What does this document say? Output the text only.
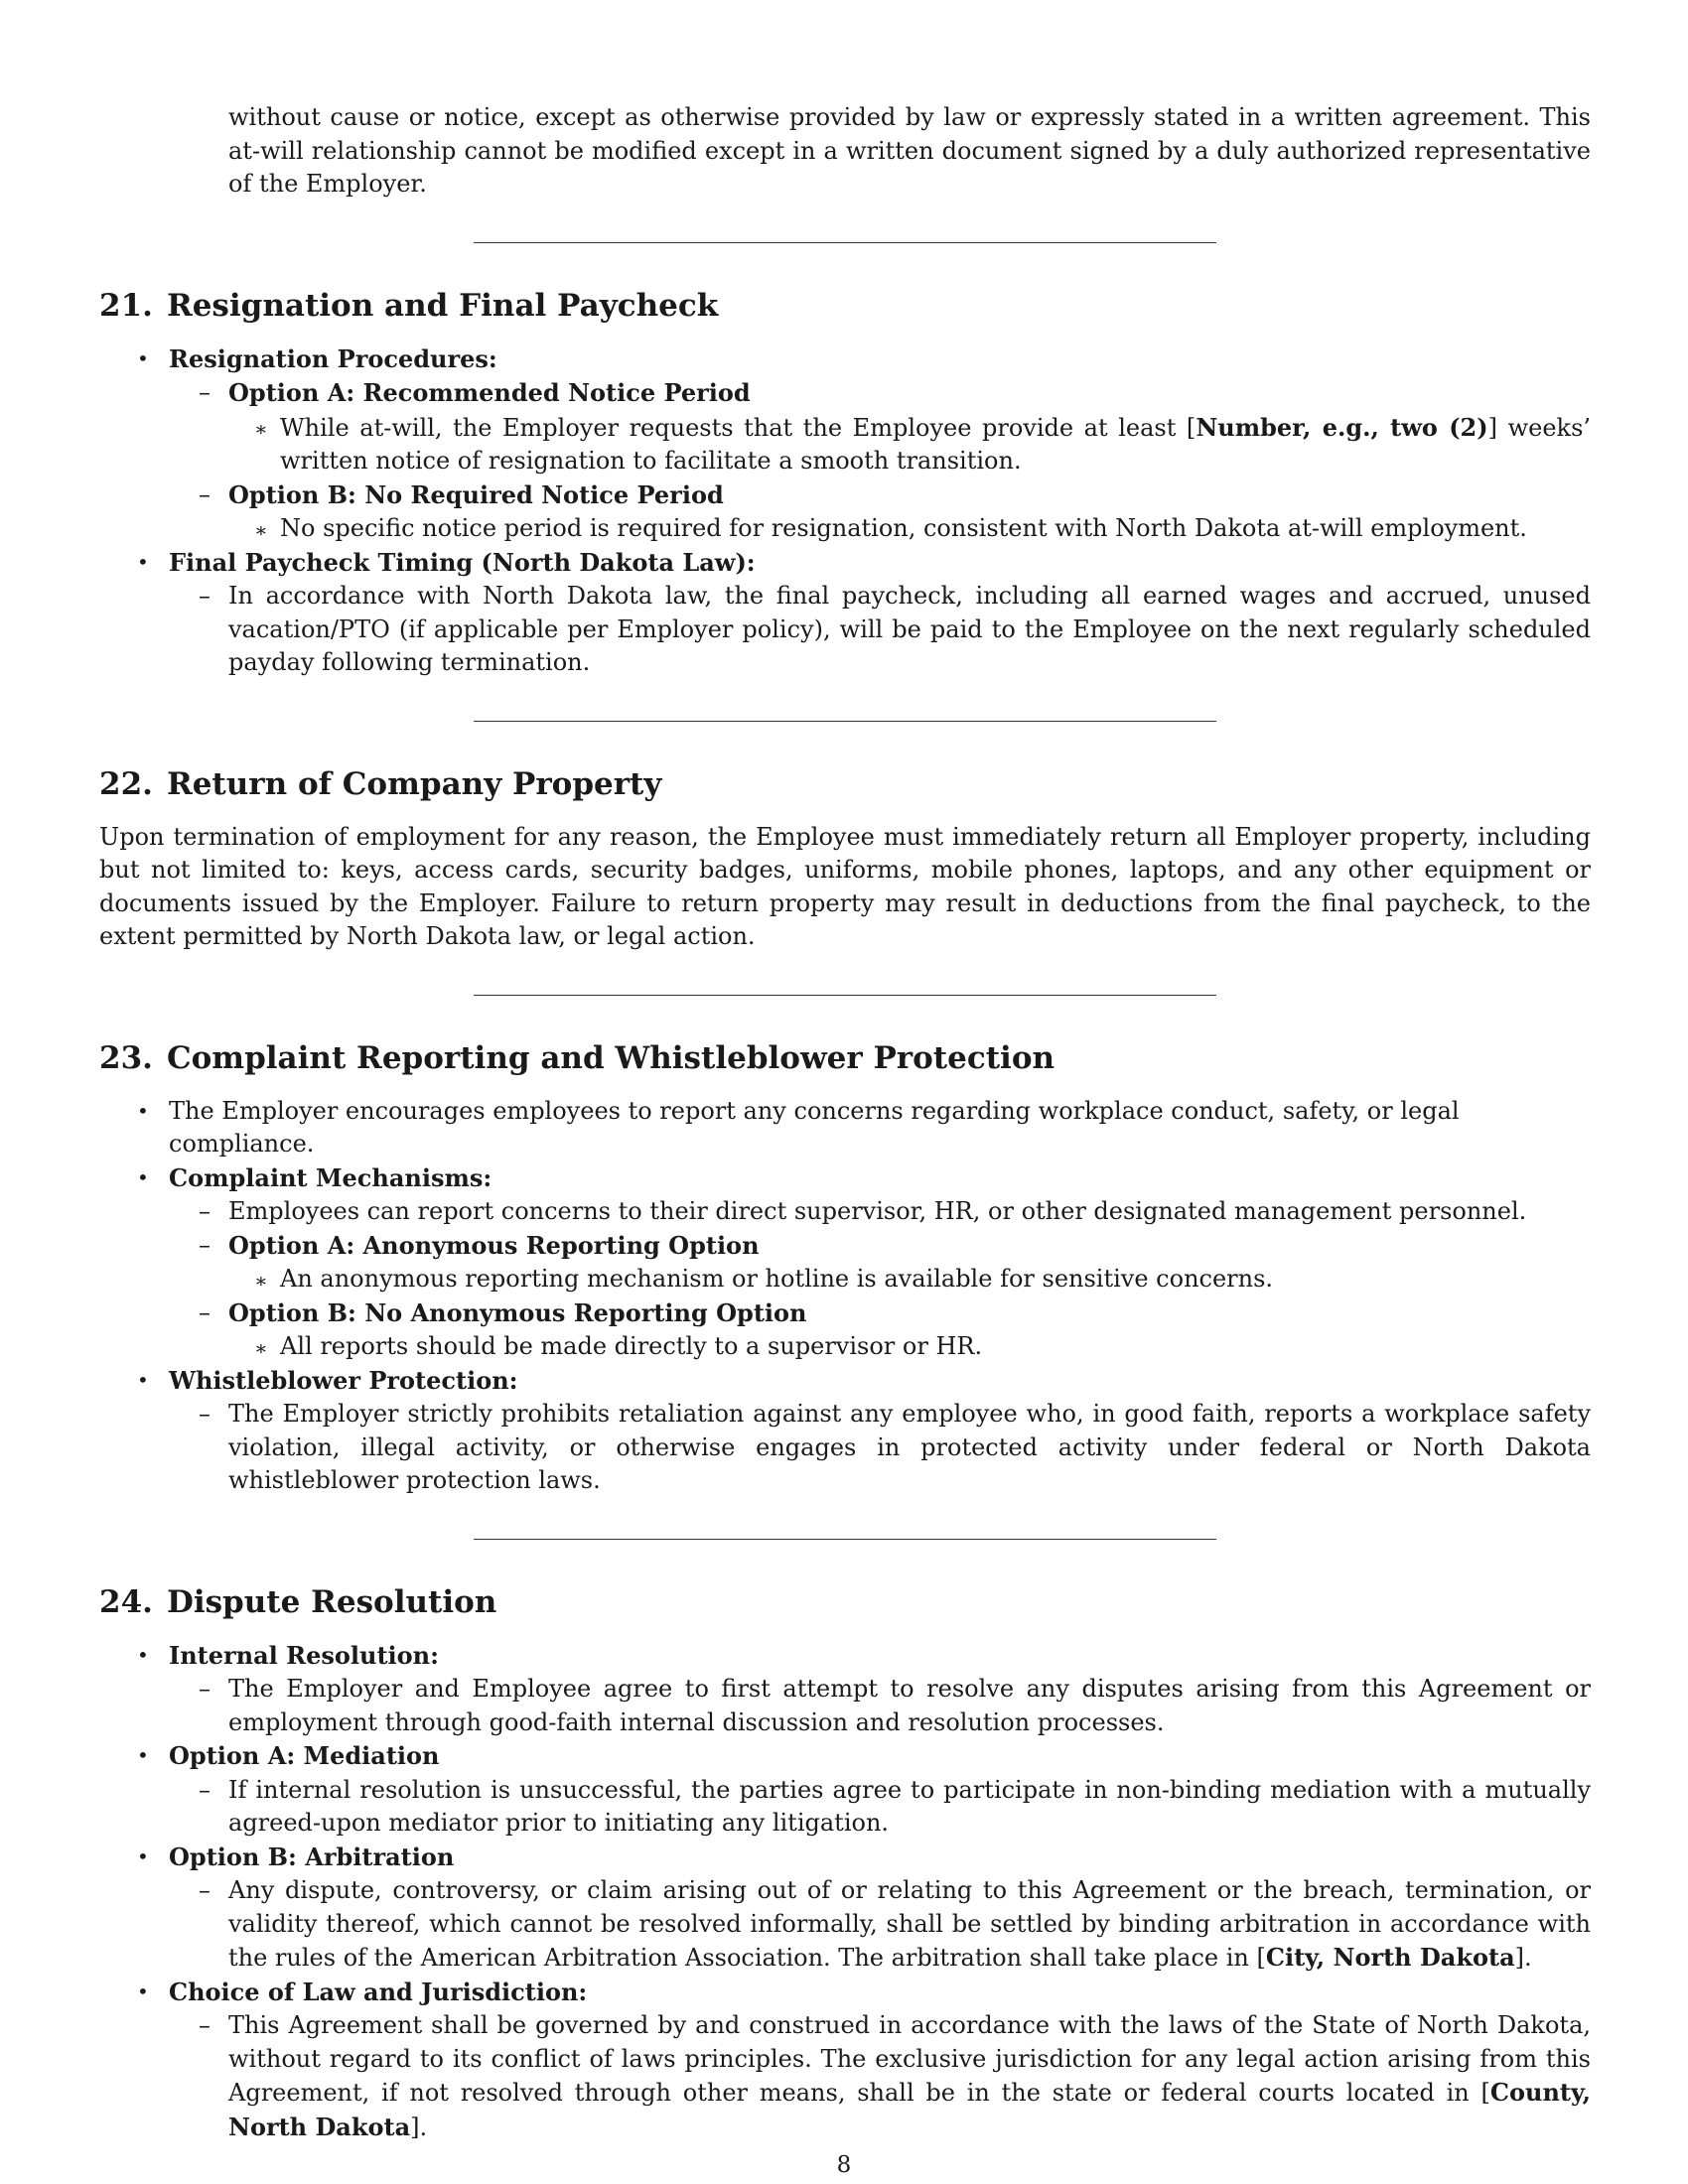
without cause or notice, except as otherwise provided by law or expressly stated in a written agreement. This at-will relationship cannot be modified except in a written document signed by a duly authorized representative of the Employer.

21. Resignation and Final Paycheck
• Resignation Procedures:
– Option A: Recommended Notice Period
∗ While at-will, the Employer requests that the Employee provide at least [Number, e.g., two (2)] weeks’ written notice of resignation to facilitate a smooth transition.
– Option B: No Required Notice Period
∗ No specific notice period is required for resignation, consistent with North Dakota at-will employment.
• Final Paycheck Timing (North Dakota Law):
– In accordance with North Dakota law, the final paycheck, including all earned wages and accrued, unused vacation/PTO (if applicable per Employer policy), will be paid to the Employee on the next regularly scheduled payday following termination.
22. Return of Company Property

Upon termination of employment for any reason, the Employee must immediately return all Employer property, including but not limited to: keys, access cards, security badges, uniforms, mobile phones, laptops, and any other equipment or documents issued by the Employer. Failure to return property may result in deductions from the final paycheck, to the extent permitted by North Dakota law, or legal action.

23. Complaint Reporting and Whistleblower Protection
• The Employer encourages employees to report any concerns regarding workplace conduct, safety, or legal compliance.
• Complaint Mechanisms:
– Employees can report concerns to their direct supervisor, HR, or other designated management personnel.
– Option A: Anonymous Reporting Option
∗ An anonymous reporting mechanism or hotline is available for sensitive concerns.
– Option B: No Anonymous Reporting Option
∗ All reports should be made directly to a supervisor or HR.
• Whistleblower Protection:
– The Employer strictly prohibits retaliation against any employee who, in good faith, reports a workplace safety violation, illegal activity, or otherwise engages in protected activity under federal or North Dakota whistleblower protection laws.
24. Dispute Resolution
• Internal Resolution:
– The Employer and Employee agree to first attempt to resolve any disputes arising from this Agreement or employment through good-faith internal discussion and resolution processes.
• Option A: Mediation
– If internal resolution is unsuccessful, the parties agree to participate in non-binding mediation with a mutually agreed-upon mediator prior to initiating any litigation.
• Option B: Arbitration
– Any dispute, controversy, or claim arising out of or relating to this Agreement or the breach, termination, or validity thereof, which cannot be resolved informally, shall be settled by binding arbitration in accordance with the rules of the American Arbitration Association. The arbitration shall take place in [City, North Dakota].
• Choice of Law and Jurisdiction:
– This Agreement shall be governed by and construed in accordance with the laws of the State of North Dakota, without regard to its conflict of laws principles. The exclusive jurisdiction for any legal action arising from this Agreement, if not resolved through other means, shall be in the state or federal courts located in [County, North Dakota].
8
